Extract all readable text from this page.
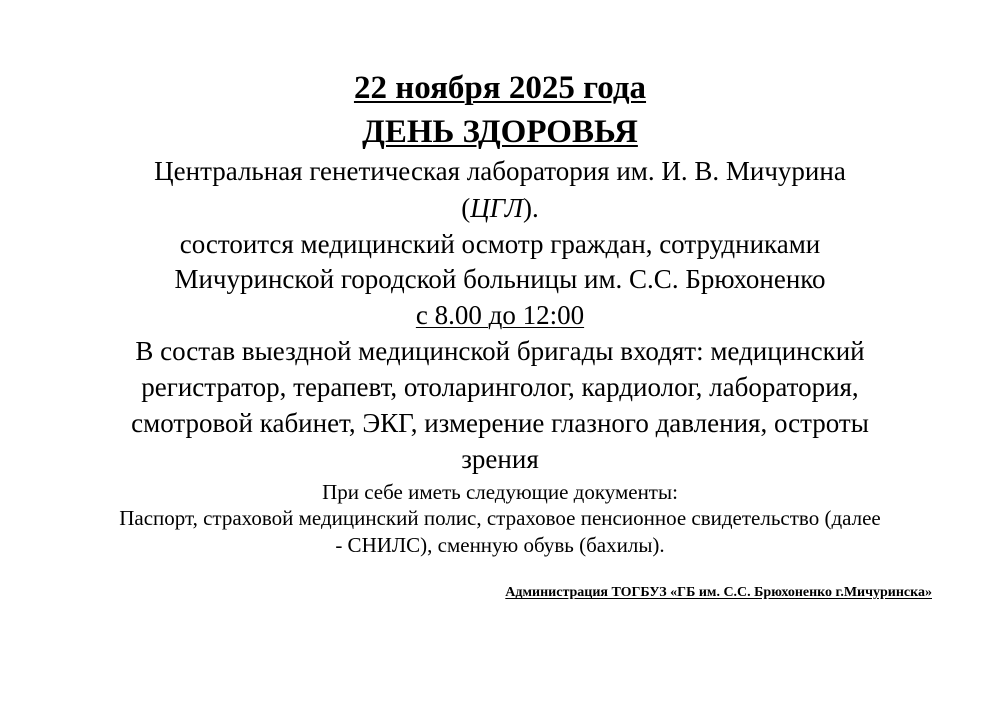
22 ноября 2025 года
ДЕНЬ ЗДОРОВЬЯ
Центральная генетическая лаборатория им. И. В. Мичурина
(ЦГЛ).
состоится медицинский осмотр граждан, сотрудниками
Мичуринской городской больницы им. С.С. Брюхоненко
с 8.00 до 12:00
В состав выездной медицинской бригады входят: медицинский
регистратор, терапевт, отоларинголог, кардиолог, лаборатория,
смотровой кабинет, ЭКГ, измерение глазного давления, остроты
зрения
При себе иметь следующие документы:
Паспорт, страховой медицинский полис, страховое пенсионное свидетельство (далее
- СНИЛС), сменную обувь (бахилы).
Администрация ТОГБУЗ «ГБ им. С.С. Брюхоненко г.Мичуринска»
